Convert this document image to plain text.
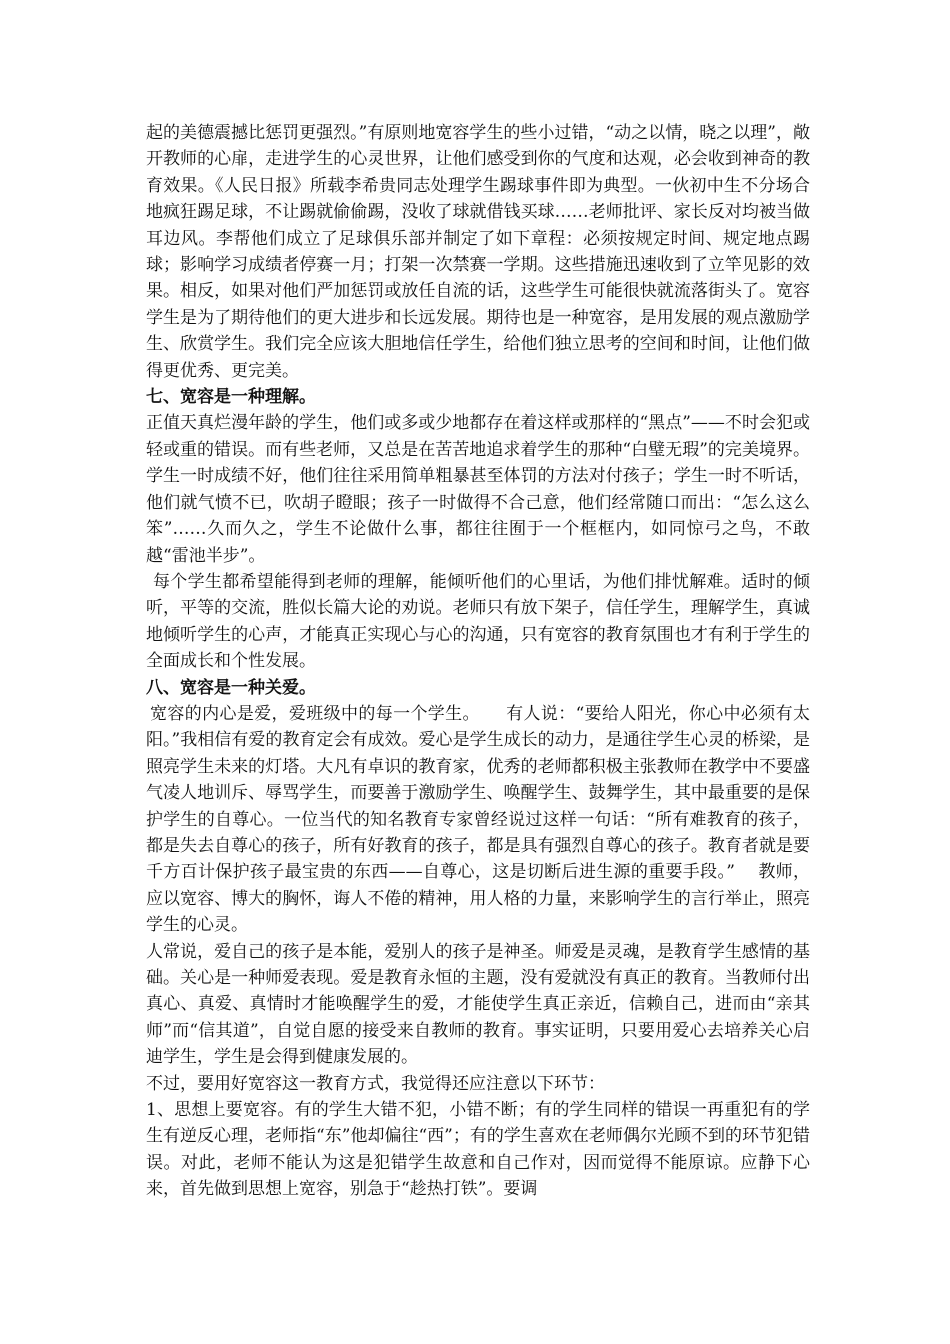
起的美德震撼比惩罚更强烈。”有原则地宽容学生的些小过错，“动之以情，晓之以理”，敞开教师的心扉，走进学生的心灵世界，让他们感受到你的气度和达观，必会收到神奇的教育效果。《人民日报》所载李希贵同志处理学生踢球事件即为典型。一伙初中生不分场合地疯狂踢足球，不让踢就偷偷踢，没收了球就借钱买球……老师批评、家长反对均被当做耳边风。李帮他们成立了足球俱乐部并制定了如下章程：必须按规定时间、规定地点踢球；影响学习成绩者停赛一月；打架一次禁赛一学期。这些措施迅速收到了立竿见影的效果。相反，如果对他们严加惩罚或放任自流的话，这些学生可能很快就流落街头了。宽容学生是为了期待他们的更大进步和长远发展。期待也是一种宽容，是用发展的观点激励学生、欣赏学生。我们完全应该大胆地信任学生，给他们独立思考的空间和时间，让他们做得更优秀、更完美。

七、宽容是一种理解。

正值天真烂漫年龄的学生，他们或多或少地都存在着这样或那样的“黑点”——不时会犯或轻或重的错误。而有些老师，又总是在苦苦地追求着学生的那种“白璧无瑕”的完美境界。学生一时成绩不好，他们往往采用简单粗暴甚至体罚的方法对付孩子；学生一时不听话，他们就气愤不已，吹胡子瞪眼；孩子一时做得不合己意，他们经常随口而出：“怎么这么笨”……久而久之，学生不论做什么事，都往往囿于一个框框内，如同惊弓之鸟，不敢越“雷池半步”。

每个学生都希望能得到老师的理解，能倾听他们的心里话，为他们排忧解难。适时的倾听，平等的交流，胜似长篇大论的劝说。老师只有放下架子，信任学生，理解学生，真诚地倾听学生的心声，才能真正实现心与心的沟通，只有宽容的教育氛围也才有利于学生的全面成长和个性发展。

八、宽容是一种关爱。

宽容的内心是爱，爱班级中的每一个学生。　　有人说：“要给人阳光，你心中必须有太阳。”我相信有爱的教育定会有成效。爱心是学生成长的动力，是通往学生心灵的桥梁，是照亮学生未来的灯塔。大凡有卓识的教育家，优秀的老师都积极主张教师在教学中不要盛气凌人地训斥、辱骂学生，而要善于激励学生、唤醒学生、鼓舞学生，其中最重要的是保护学生的自尊心。一位当代的知名教育专家曾经说过这样一句话：“所有难教育的孩子，都是失去自尊心的孩子，所有好教育的孩子，都是具有强烈自尊心的孩子。教育者就是要千方百计保护孩子最宝贵的东西——自尊心，这是切断后进生源的重要手段。”　 教师，应以宽容、博大的胸怀，诲人不倦的精神，用人格的力量，来影响学生的言行举止，照亮学生的心灵。

人常说，爱自己的孩子是本能，爱别人的孩子是神圣。师爱是灵魂，是教育学生感情的基础。关心是一种师爱表现。爱是教育永恒的主题，没有爱就没有真正的教育。当教师付出真心、真爱、真情时才能唤醒学生的爱，才能使学生真正亲近，信赖自己，进而由“亲其师”而“信其道”，自觉自愿的接受来自教师的教育。事实证明，只要用爱心去培养关心启迪学生，学生是会得到健康发展的。

不过，要用好宽容这一教育方式，我觉得还应注意以下环节：

1、思想上要宽容。有的学生大错不犯，小错不断；有的学生同样的错误一再重犯有的学生有逆反心理，老师指“东”他却偏往“西”；有的学生喜欢在老师偶尔光顾不到的环节犯错误。对此，老师不能认为这是犯错学生故意和自己作对，因而觉得不能原谅。应静下心来，首先做到思想上宽容，别急于“趁热打铁”。要调
